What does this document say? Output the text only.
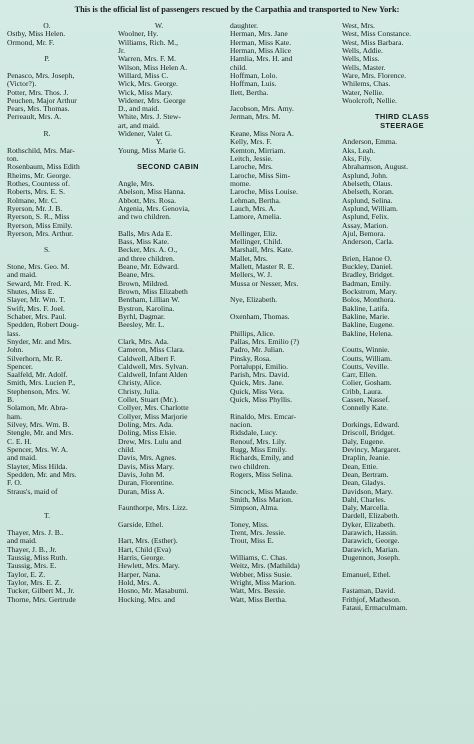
This is the official list of passengers rescued by the Carpathia and transported to New York:
O.
Ostby, Miss Helen.
Ormond, Mr. F.
P.
Penasco, Mrs. Joseph,
(Victor?).
Potter, Mrs. Thos. J.
Peuchen, Major Arthur
Pears, Mrs. Thomas.
Perreault, Mrs. A.
R.
Rothschild, Mrs. Mar-
ton.
Rosenbaum, Miss Edith
Rheims, Mr. George.
Rothes, Countess of.
Roberts, Mrs. E. S.
Rolmane, Mr. C.
Ryerson, Mr. J. B.
Ryerson, S. R., Miss
Ryerson, Miss Emily.
Ryerson, Mrs. Arthur.
S.
Stone, Mrs. Geo. M.
and maid.
Seward, Mr. Fred. K.
Shutes, Miss E.
Slayer, Mr. Wm. T.
Swift, Mrs. F. Joel.
Schaber, Mrs. Paul.
Spedden, Robert Doug-
lass.
Snyder, Mr. and Mrs.
John.
Silverhorn, Mr. R.
Spencer.
Saalfeld, Mr. Adolf.
Smith, Mrs. Lucien P.,
Stephenson, Mrs. W.
B.
Solamon, Mr. Abra-
ham.
Silvey, Mrs. Wm. B.
Stengle, Mr. and Mrs.
C. E. H.
Spencer, Mrs. W. A.
and maid.
Slayter, Miss Hilda.
Spedden, Mr. and Mrs.
F. O.
Straus's, maid of
T.
Thayer, Mrs. J. B..
and maid.
Thayer, J. B., Jr.
Taussig, Miss Ruth.
Taussig, Mrs. E.
Taylor, E. Z.
Taylor, Mrs. E. Z.
Tucker, Gilbert M., Jr.
Thorne, Mrs. Gertrude
W.
Woolner, Hy.
Williams, Rich. M.,
Jr.
Warren, Mrs. F. M.
Wilson, Miss Helen A.
Willard, Miss C.
Wick, Mrs. George.
Wick, Miss Mary.
Widener, Mrs. George
D., and maid.
White, Mrs. J. Stew-
art, and maid.
Widener, Valet G.
Y.
Young, Miss Marie G.
SECOND CABIN
Angle, Mrs.
Abelson, Miss Hanna.
Abbott, Mrs. Rosa.
Argenia, Mrs. Genovia,
and two children.
Balls, Mrs Ada E.
Bass, Miss Kate.
Becker, Mrs. A. O.,
and three children.
Beane, Mr. Edward.
Beane, Mrs.
Brown, Mildred.
Brown, Miss Elizabeth
Bentham, Lillian W.
Bystron, Karolina.
Byrhl, Dagmar.
Beesley, Mr. L.
Clark, Mrs. Ada.
Cameron, Miss Clara.
Caldwell, Albert F.
Caldwell, Mrs. Sylvan.
Caldwell, Infant Alden
Christy, Alice.
Christy, Julia.
Collet, Stuart (Mr.).
Collyer, Mrs. Charlotte
Collyer, Miss Marjorie
Doling, Mrs. Ada.
Doling, Miss Elsie.
Drew, Mrs. Lulu and
child.
Davis, Mrs. Agnes.
Davis, Miss Mary.
Davis, John M.
Duran, Florentine.
Duran, Miss A.
Faunthorpe, Mrs. Lizz.
Garside, Ethel.
Hart, Mrs. (Esther).
Hart, Child (Eva)
Harris, George.
Hewlett, Mrs. Mary.
Harper, Nana.
Hold, Mrs. A.
Hosno, Mr. Masabumi.
Hocking, Mrs. and
daughter.
Herman, Mrs. Jane
Herman, Miss Kate.
Herman, Miss Alice
Hamlia, Mrs. H. and
child.
Hoffman, Lolo.
Hoffman, Luis.
Ilett, Bertha.
Jacobson, Mrs. Amy.
Jerman, Mrs. M.
Keane, Miss Nora A.
Kelly, Mrs. F.
Kemton, Mirriam.
Leitch, Jessie.
Laroche, Mrs.
Laroche, Miss Sim-
mome.
Laroche, Miss Louise.
Lehman, Bertha.
Lauch, Mrs. A.
Lamore, Amelia.
Mellinger, Eliz.
Mellinger, Child.
Marshall, Mrs. Kate.
Mallet, Mrs.
Mallett, Master R. E.
Mellers, W. J.
Mussa or Nesser, Mrs.
Nye, Elizabeth.
Oxenham, Thomas.
Phillips, Alice.
Pallas, Mrs. Emilio (?)
Padro, Mr. Julian.
Pinsky, Rosa.
Portaluppi, Emilio.
Parish, Mrs. David.
Quick, Mrs. Jane.
Quick, Miss Vera.
Quick, Miss Phyllis.
Rinaldo, Mrs. Emcar-
nacion.
Ridsdale, Lucy.
Renouf, Mrs. Lily.
Rugg, Miss Emily.
Richards, Emily, and
two children.
Rogers, Miss Selina.
Sincock, Miss Maude.
Smith, Miss Marion.
Simpson, Alma.
Toney, Miss.
Trent, Mrs. Jessie.
Trout, Miss E.
Williams, C. Chas.
Weitz, Mrs. (Mathilda)
Webber, Miss Susie.
Wright, Miss Marion.
Watt, Mrs. Bessie.
Watt, Miss Bertha.
West, Mrs.
West, Miss Constance.
West, Miss Barbara.
Wells, Addie.
Wells, Miss.
Wells, Master.
Ware, Mrs. Florence.
Whilems, Chas.
Water, Nellie.
Woolcroft, Nellie.
THIRD CLASS
STEERAGE
Anderson, Emma.
Aks, Leah.
Aks, Fily.
Abrahamson, August.
Asplund, John.
Abelseth, Olaus.
Abelseth, Koran.
Asplund, Selina.
Asplund, William.
Asplund, Felix.
Assay, Marion.
Ajul, Bemora.
Anderson, Carla.
Brien, Hanoe O.
Buckley, Daniel.
Bradley, Bridget.
Badman, Emily.
Bockstrom, Mary.
Bolos, Monthora.
Bakline, Latifa.
Bakline, Marie.
Bakline, Eugene.
Bakline, Helena.
Coutts, Winnie.
Coutts, William.
Coutts, Veville.
Carr, Ellen.
Colier, Gosham.
Cribb, Laura.
Cassen, Nassef.
Connelly Kate.
Dorkings, Edward.
Driscoll, Bridget.
Daly, Eugene.
Devincy, Margaret.
Draplin, Jeanie.
Dean, Ettie.
Dean, Bertram.
Dean, Gladys.
Davidson, Mary.
Dahl, Charles.
Daly, Marcella.
Dardell, Elizabeth.
Dyker, Elizabeth.
Darawich, Hassin.
Darawich, George.
Darawich, Marian.
Dugennon, Joseph.
Emanuel, Ethel.
Fastaman, David.
Frithjof, Matheson.
Fataui, Ermaculmam.
